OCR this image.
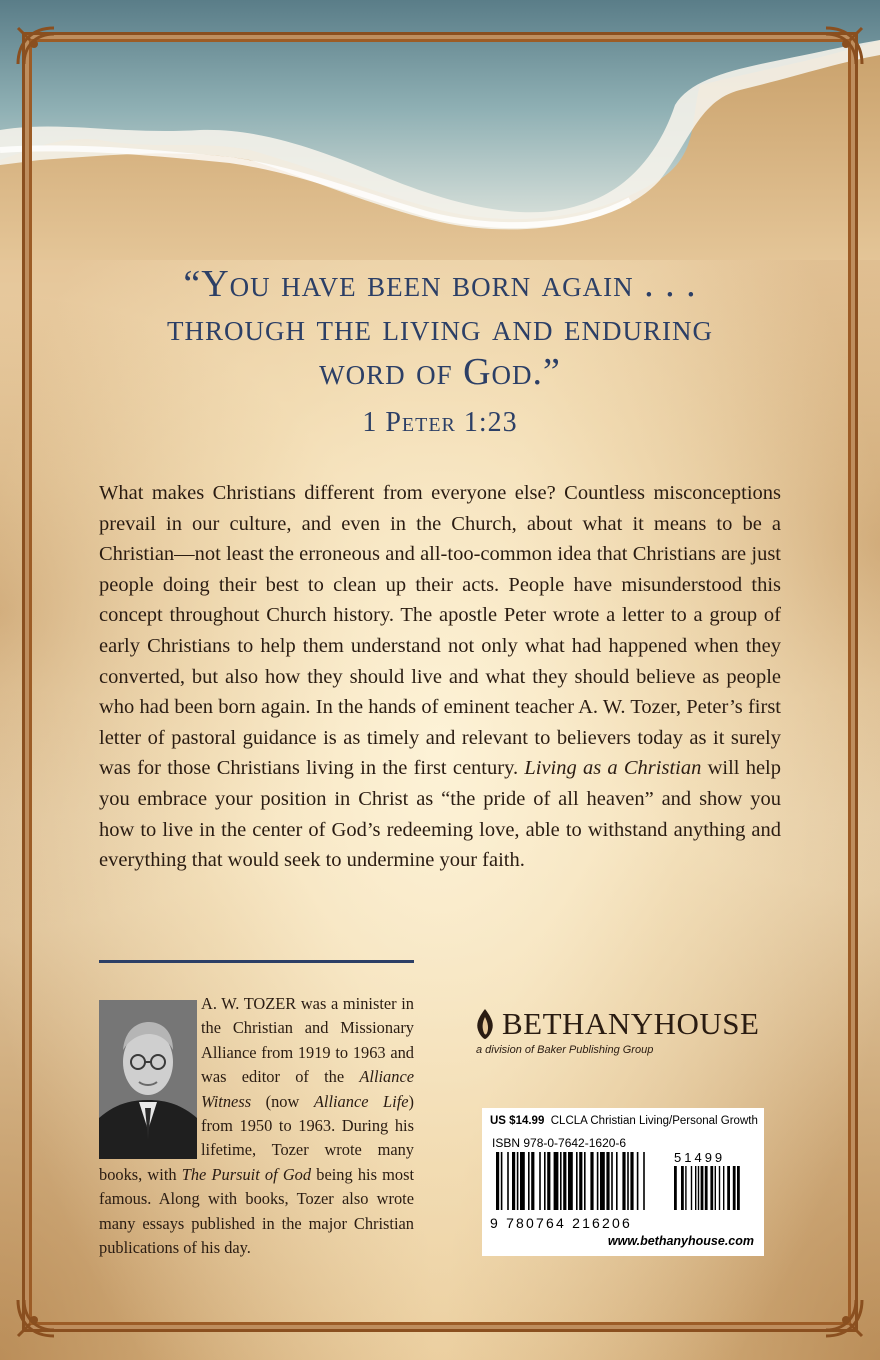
“You have been born again . . .
through the living and enduring
word of God.”
1 Peter 1:23
What makes Christians different from everyone else? Countless misconceptions prevail in our culture, and even in the Church, about what it means to be a Christian—not least the erroneous and all-too-common idea that Christians are just people doing their best to clean up their acts. People have misunderstood this concept throughout Church history. The apostle Peter wrote a letter to a group of early Christians to help them understand not only what had happened when they converted, but also how they should live and what they should believe as people who had been born again. In the hands of eminent teacher A. W. Tozer, Peter’s first letter of pastoral guidance is as timely and relevant to believers today as it surely was for those Christians living in the first century. Living as a Christian will help you embrace your position in Christ as “the pride of all heaven” and show you how to live in the center of God’s redeeming love, able to withstand anything and everything that would seek to undermine your faith.
A. W. TOZER was a minister in the Christian and Missionary Alliance from 1919 to 1963 and was editor of the Alliance Witness (now Alliance Life) from 1950 to 1963. During his lifetime, Tozer wrote many books, with The Pursuit of God being his most famous. Along with books, Tozer also wrote many essays published in the major Christian publications of his day.
BETHANYHOUSE
a division of Baker Publishing Group
US $14.99 CLCLA Christian Living/Personal Growth
ISBN 978-0-7642-1620-6
51499
9 780764 216206
www.bethanyhouse.com
